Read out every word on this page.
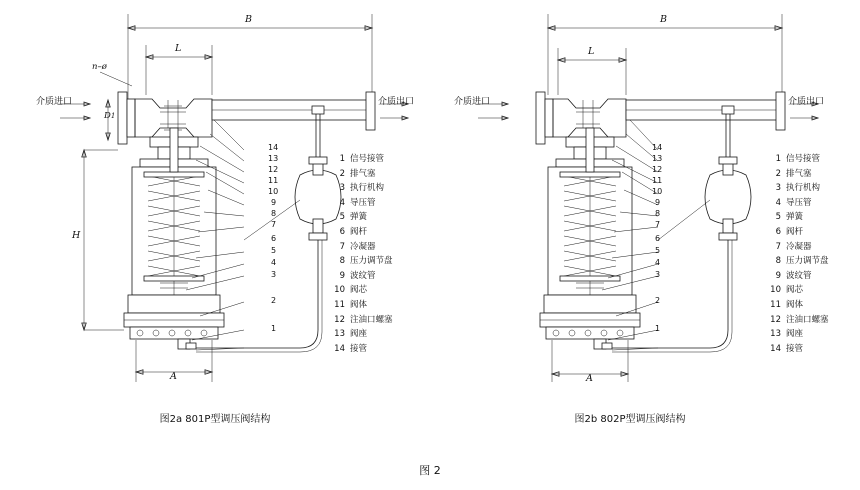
B
L
H
A
D1
n–ø
介质进口	介质出口
14
13
12
11
10
9
8
7
6
5
4
3
2
1
1 信号接管
2 排气塞
3 执行机构
4 导压管
5 弹簧
6 阀杆
7 冷凝器
8 压力调节盘
9 波纹管
10 阀芯
11 阀体
12 注油口螺塞
13 阀座
14 接管
图2a 801P型调压阀结构
B
L
A
介质进口	介质出口
14
13
12
11
10
9
8
7
6
5
4
3
2
1
1 信号接管
2 排气塞
3 执行机构
4 导压管
5 弹簧
6 阀杆
7 冷凝器
8 压力调节盘
9 波纹管
10 阀芯
11 阀体
12 注油口螺塞
13 阀座
14 接管
图2b 802P型调压阀结构
图 2
